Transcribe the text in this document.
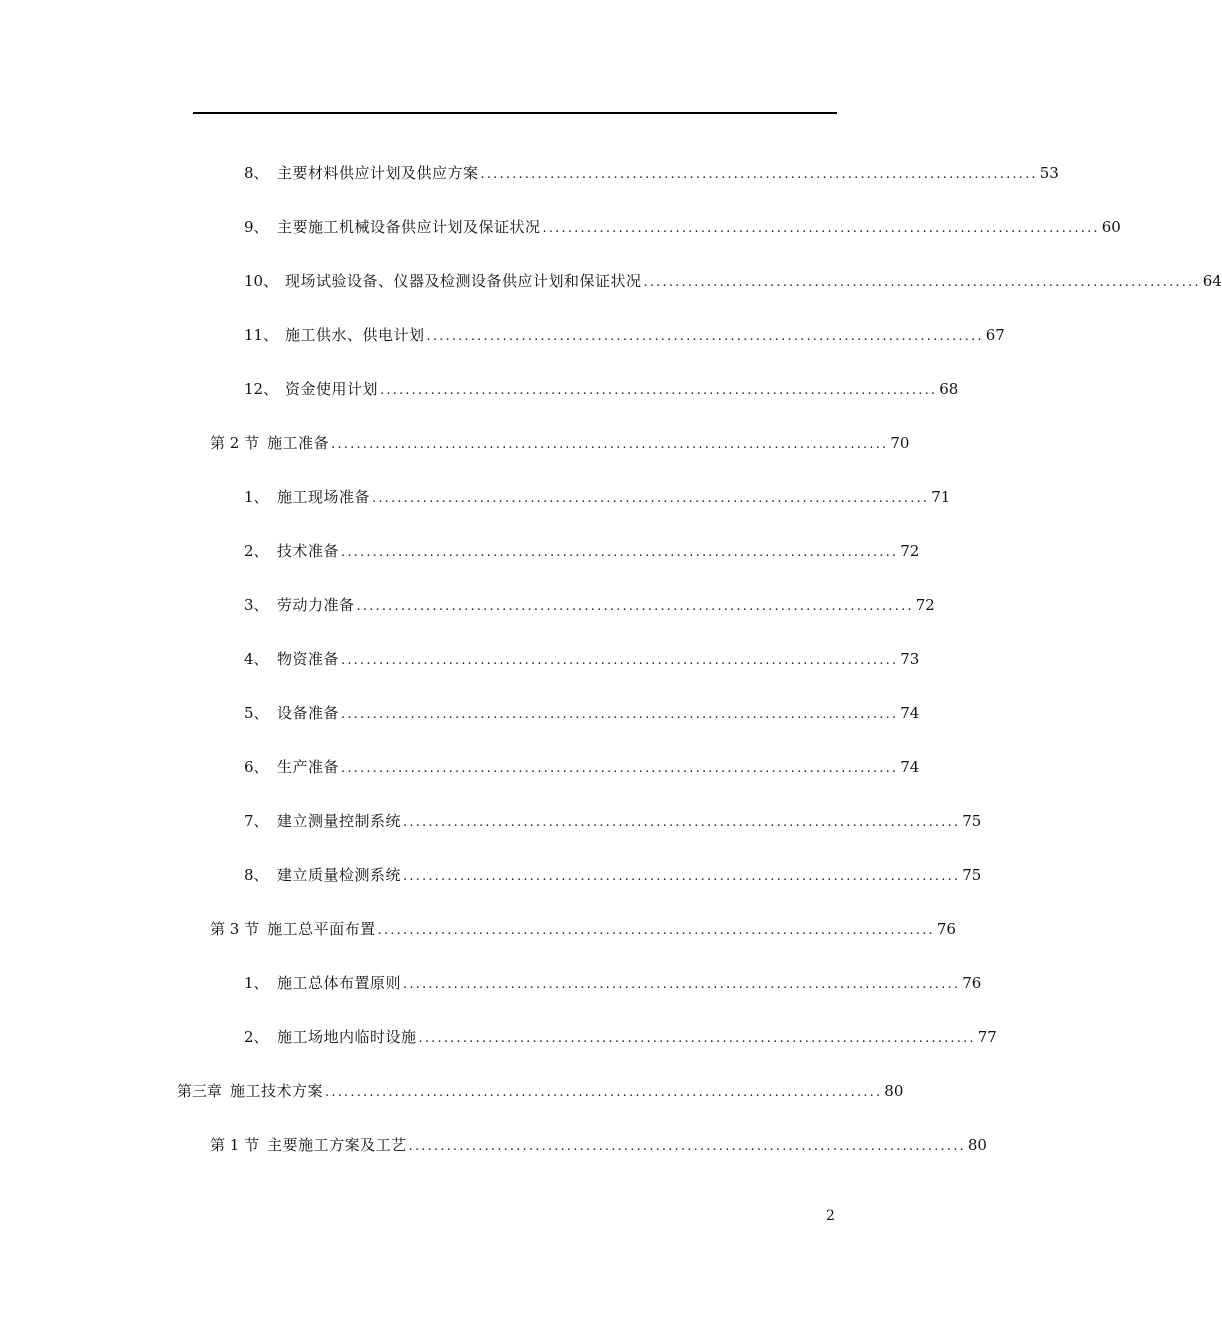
8、 主要材料供应计划及供应方案 ........................................................................................ 53
9、 主要施工机械设备供应计划及保证状况 ........................................................................................ 60
10、 现场试验设备、仪器及检测设备供应计划和保证状况 ........................................................................................ 64
11、 施工供水、供电计划 ........................................................................................ 67
12、 资金使用计划 ........................................................................................ 68
第 2 节 施工准备 ........................................................................................ 70
1、 施工现场准备 ........................................................................................ 71
2、 技术准备 ........................................................................................ 72
3、 劳动力准备 ........................................................................................ 72
4、 物资准备 ........................................................................................ 73
5、 设备准备 ........................................................................................ 74
6、 生产准备 ........................................................................................ 74
7、 建立测量控制系统 ........................................................................................ 75
8、 建立质量检测系统 ........................................................................................ 75
第 3 节 施工总平面布置 ........................................................................................ 76
1、 施工总体布置原则 ........................................................................................ 76
2、 施工场地内临时设施 ........................................................................................ 77
第三章 施工技术方案 ........................................................................................ 80
第 1 节 主要施工方案及工艺 ........................................................................................ 80
2
